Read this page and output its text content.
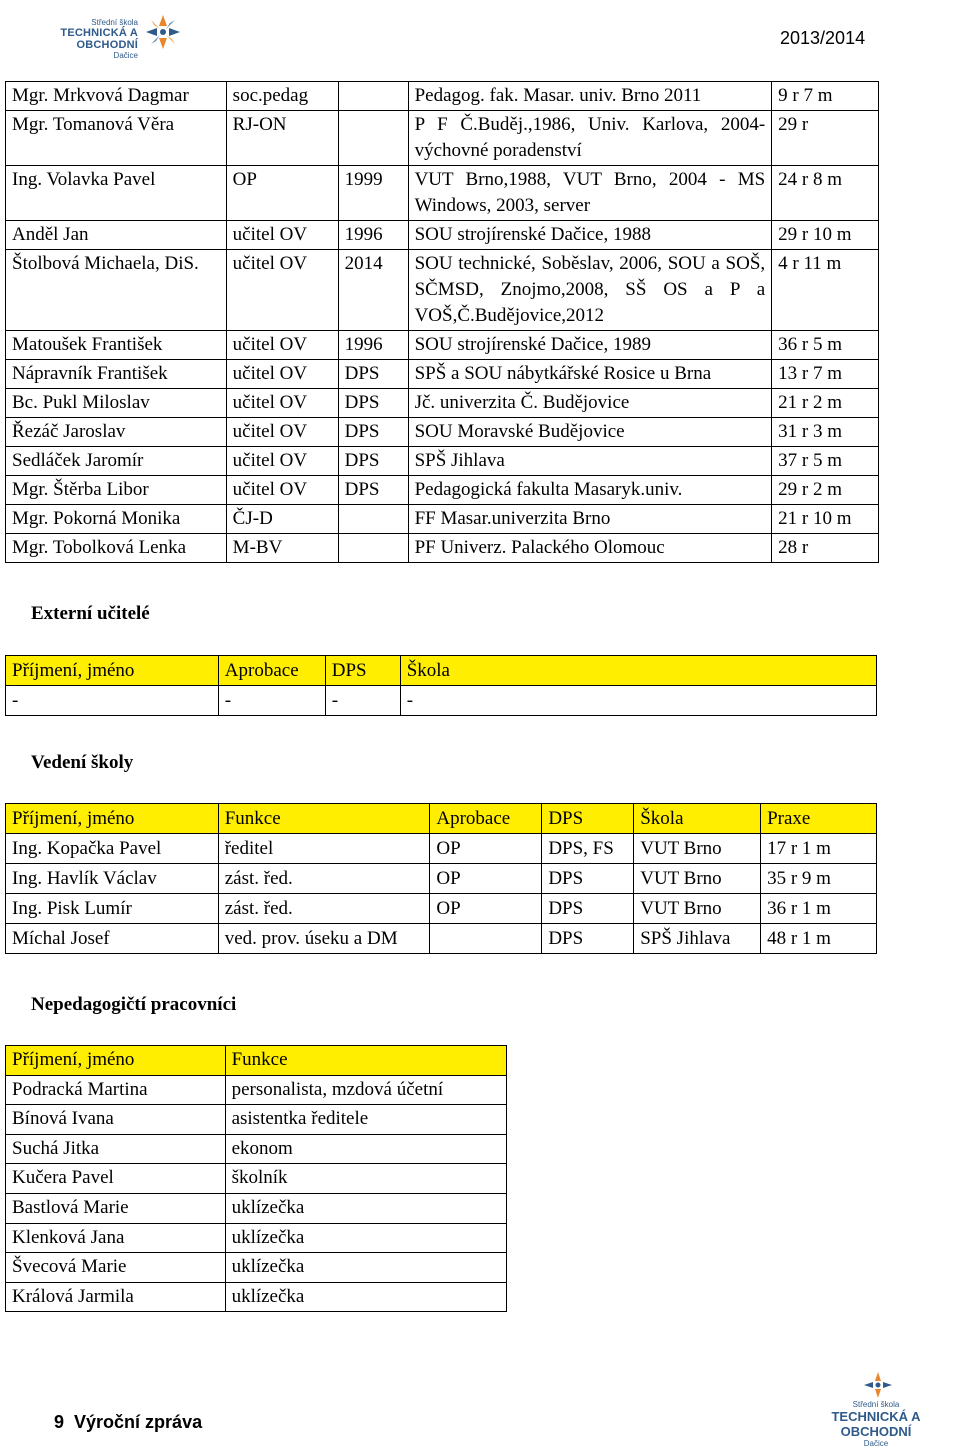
Střední škola
TECHNICKÁ A OBCHODNÍ
Dačice
2013/2014
Mgr. Mrkvová Dagmar	soc.pedag		Pedagog. fak. Masar. univ. Brno 2011	9 r 7 m
Mgr. Tomanová Věra	RJ-ON		P F Č.Buděj.,1986, Univ. Karlova, 2004-výchovné poradenství	29 r
Ing. Volavka Pavel	OP	1999	VUT Brno,1988, VUT Brno, 2004 - MS Windows, 2003, server	24 r 8 m
Anděl Jan	učitel OV	1996	SOU strojírenské Dačice, 1988	29 r 10 m
Štolbová Michaela, DiS.	učitel OV	2014	SOU technické, Soběslav, 2006, SOU a SOŠ, SČMSD, Znojmo,2008, SŠ OS a P a VOŠ,Č.Budějovice,2012	4 r 11 m
Matoušek František	učitel OV	1996	SOU strojírenské Dačice, 1989	36 r 5 m
Nápravník František	učitel OV	DPS	SPŠ a SOU nábytkářské Rosice u Brna	13 r 7 m
Bc. Pukl Miloslav	učitel OV	DPS	Jč. univerzita Č. Budějovice	21 r 2 m
Řezáč Jaroslav	učitel OV	DPS	SOU Moravské Budějovice	31 r 3 m
Sedláček Jaromír	učitel OV	DPS	SPŠ Jihlava	37 r 5 m
Mgr. Štěrba Libor	učitel OV	DPS	Pedagogická fakulta Masaryk.univ.	29 r 2 m
Mgr. Pokorná Monika	ČJ-D		FF Masar.univerzita Brno	21 r 10 m
Mgr. Tobolková Lenka	M-BV		PF Univerz. Palackého Olomouc	28 r
Externí učitelé
Příjmení, jméno	Aprobace	DPS	Škola
-	-	-	-
Vedení školy
Příjmení, jméno	Funkce	Aprobace	DPS	Škola	Praxe
Ing. Kopačka Pavel	ředitel	OP	DPS, FS	VUT Brno	17 r 1 m
Ing. Havlík Václav	zást. řed.	OP	DPS	VUT Brno	35 r 9 m
Ing. Pisk Lumír	zást. řed.	OP	DPS	VUT Brno	36 r 1 m
Míchal Josef	ved. prov. úseku a DM		DPS	SPŠ Jihlava	48 r 1 m
Nepedagogičtí pracovníci
Příjmení, jméno	Funkce
Podracká Martina	personalista, mzdová účetní
Bínová Ivana	asistentka ředitele
Suchá Jitka	ekonom
Kučera Pavel	školník
Bastlová Marie	uklízečka
Klenková Jana	uklízečka
Švecová Marie	uklízečka
Králová Jarmila	uklízečka
9 Výroční zpráva
Střední škola
TECHNICKÁ A OBCHODNÍ
Dačice
